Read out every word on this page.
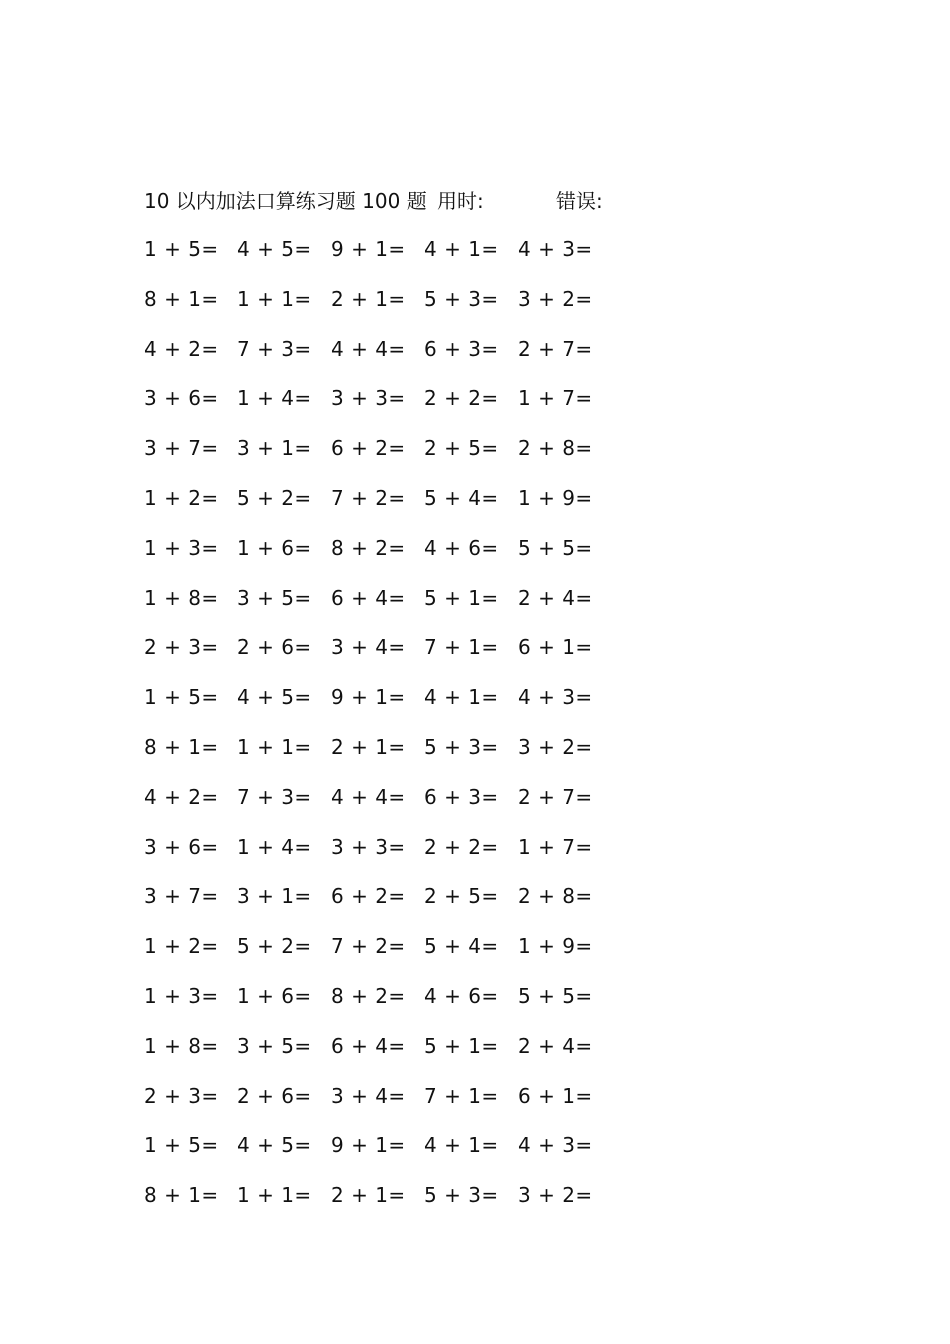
10 以内加法口算练习题 100 题 用时:	错误:
1 + 5= 4 + 5= 9 + 1= 4 + 1= 4 + 3=
8 + 1= 1 + 1= 2 + 1= 5 + 3= 3 + 2=
4 + 2= 7 + 3= 4 + 4= 6 + 3= 2 + 7=
3 + 6= 1 + 4= 3 + 3= 2 + 2= 1 + 7=
3 + 7= 3 + 1= 6 + 2= 2 + 5= 2 + 8=
1 + 2= 5 + 2= 7 + 2= 5 + 4= 1 + 9=
1 + 3= 1 + 6= 8 + 2= 4 + 6= 5 + 5=
1 + 8= 3 + 5= 6 + 4= 5 + 1= 2 + 4=
2 + 3= 2 + 6= 3 + 4= 7 + 1= 6 + 1=
1 + 5= 4 + 5= 9 + 1= 4 + 1= 4 + 3=
8 + 1= 1 + 1= 2 + 1= 5 + 3= 3 + 2=
4 + 2= 7 + 3= 4 + 4= 6 + 3= 2 + 7=
3 + 6= 1 + 4= 3 + 3= 2 + 2= 1 + 7=
3 + 7= 3 + 1= 6 + 2= 2 + 5= 2 + 8=
1 + 2= 5 + 2= 7 + 2= 5 + 4= 1 + 9=
1 + 3= 1 + 6= 8 + 2= 4 + 6= 5 + 5=
1 + 8= 3 + 5= 6 + 4= 5 + 1= 2 + 4=
2 + 3= 2 + 6= 3 + 4= 7 + 1= 6 + 1=
1 + 5= 4 + 5= 9 + 1= 4 + 1= 4 + 3=
8 + 1= 1 + 1= 2 + 1= 5 + 3= 3 + 2=
